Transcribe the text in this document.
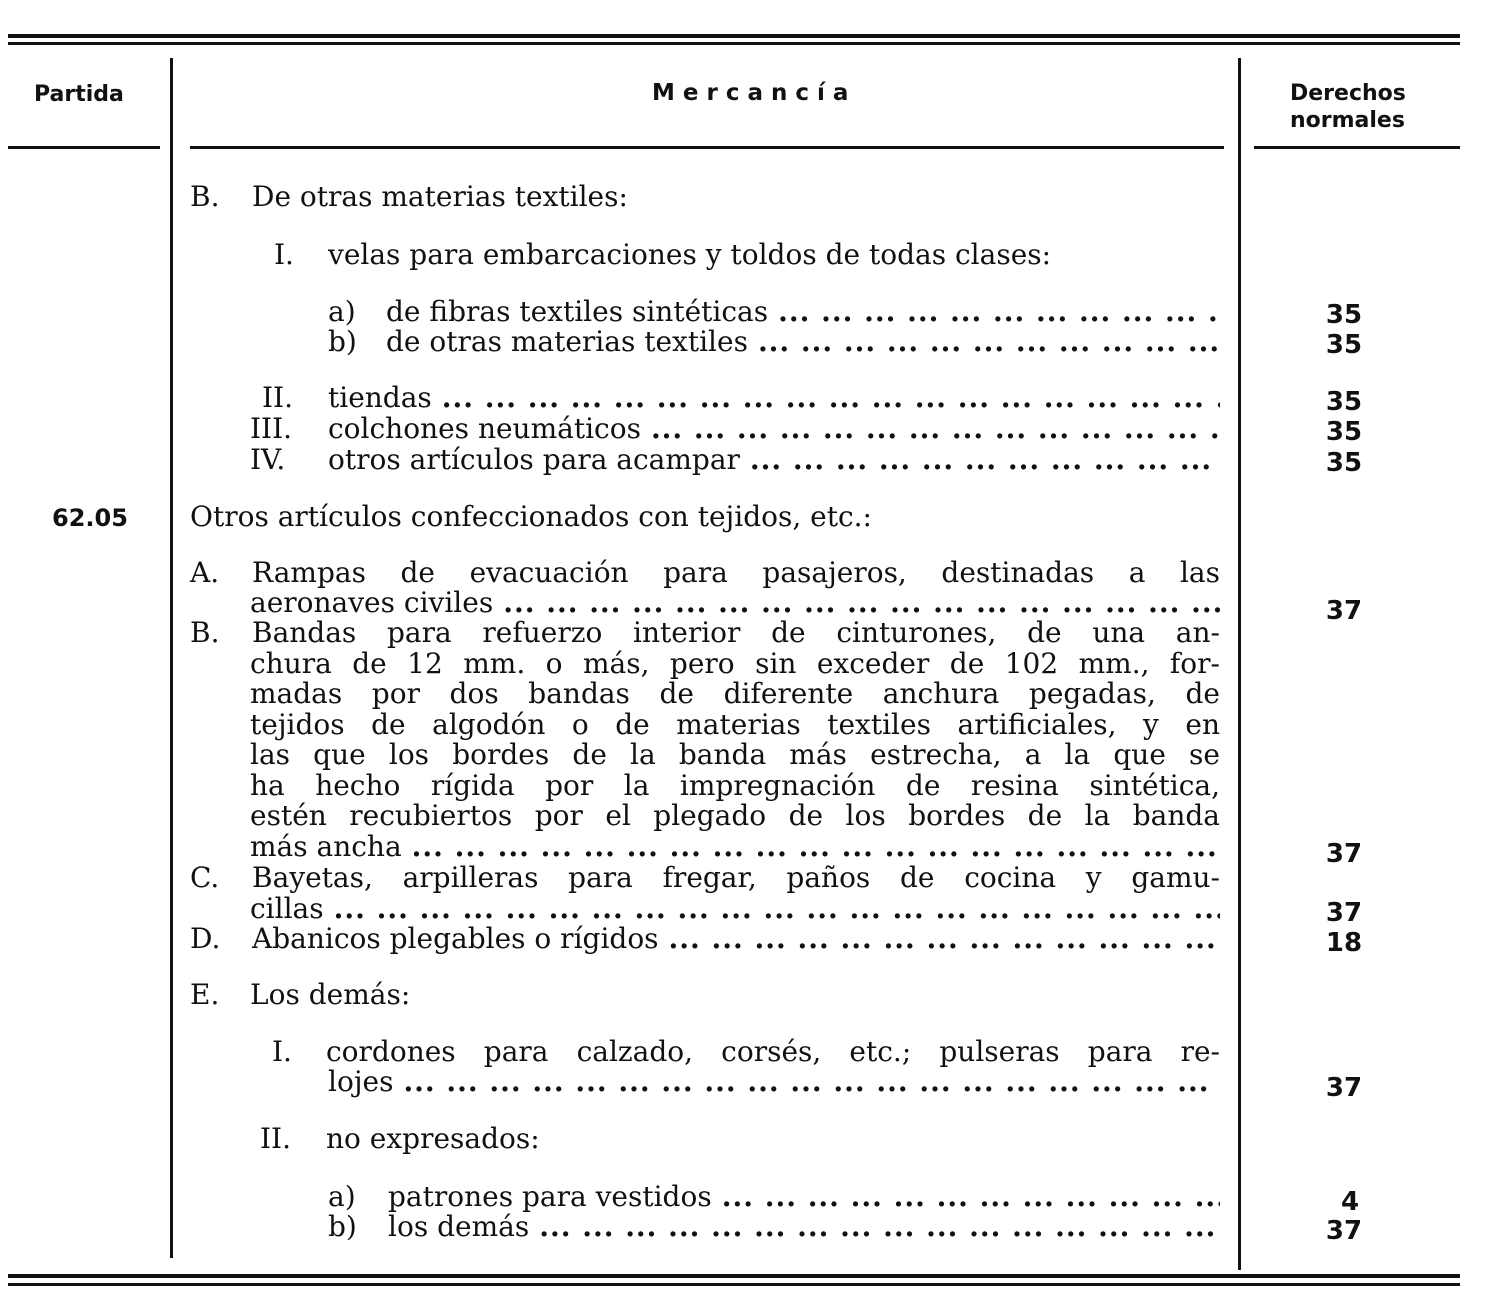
Partida	M e r c a n c í a	Derechos
normales
B. De otras materias textiles:
I. velas para embarcaciones y toldos de todas clases:
a) de fibras textiles sintéticas ... .	35
b) de otras materias textiles ... .	35
II. tiendas ... .	35
III. colchones neumáticos ... .	35
IV. otros artículos para acampar ... .	35
62.05 Otros artículos confeccionados con tejidos, etc.:
A. Rampas de evacuación para pasajeros, destinadas a las
aeronaves civiles ... .	37
B. Bandas para refuerzo interior de cinturones, de una an-
chura de 12 mm. o más, pero sin exceder de 102 mm., for-
madas por dos bandas de diferente anchura pegadas, de
tejidos de algodón o de materias textiles artificiales, y en
las que los bordes de la banda más estrecha, a la que se
ha hecho rígida por la impregnación de resina sintética,
estén recubiertos por el plegado de los bordes de la banda
más ancha ... .	37
C. Bayetas, arpilleras para fregar, paños de cocina y gamu-
cillas ... .	37
D. Abanicos plegables o rígidos ... .	18
E. Los demás:
I. cordones para calzado, corsés, etc.; pulseras para re-
lojes ... .	37
II. no expresados:
a) patrones para vestidos ... .	4
b) los demás ... .	37
